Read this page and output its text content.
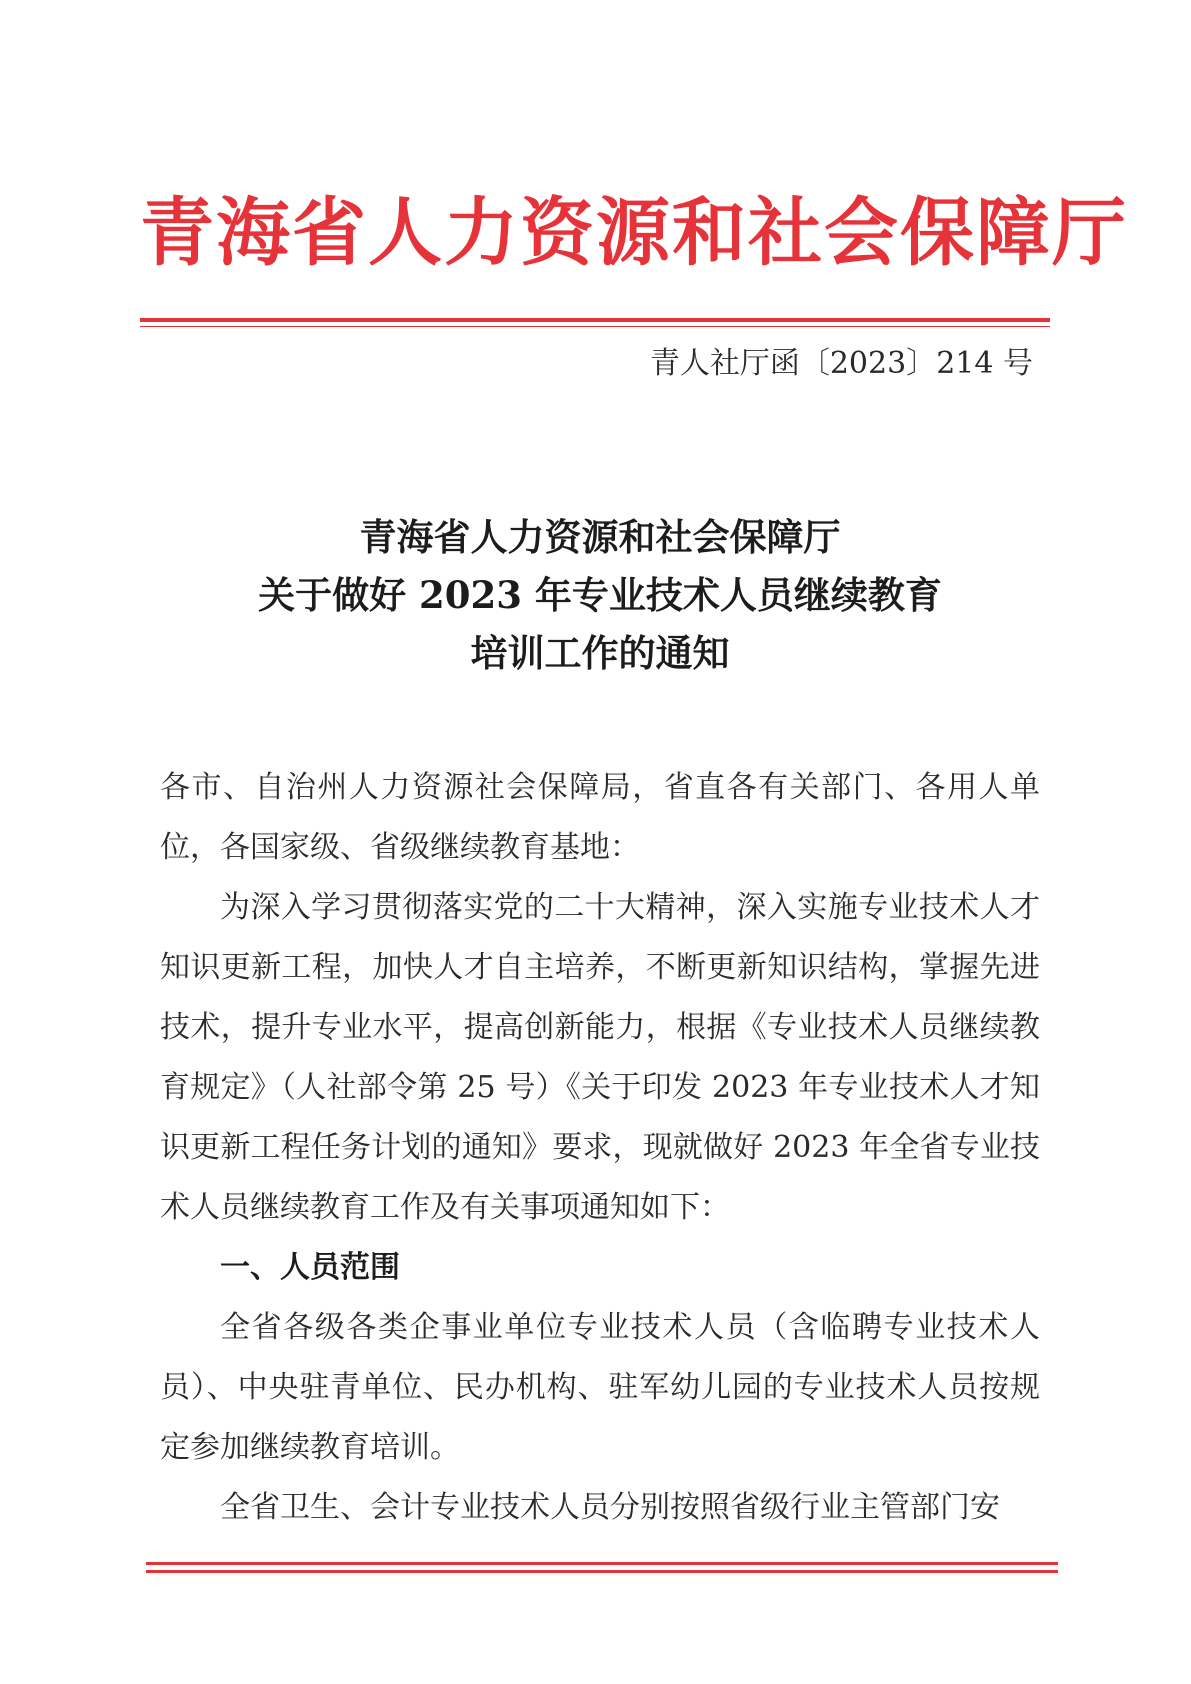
青海省人力资源和社会保障厅
青人社厅函〔2023〕214 号
青海省人力资源和社会保障厅
关于做好 2023 年专业技术人员继续教育
培训工作的通知
各市、自治州人力资源社会保障局，省直各有关部门、各用人单位，各国家级、省级继续教育基地：
为深入学习贯彻落实党的二十大精神，深入实施专业技术人才知识更新工程，加快人才自主培养，不断更新知识结构，掌握先进技术，提升专业水平，提高创新能力，根据《专业技术人员继续教育规定》（人社部令第 25 号）《关于印发 2023 年专业技术人才知识更新工程任务计划的通知》要求，现就做好 2023 年全省专业技术人员继续教育工作及有关事项通知如下：
一、人员范围
全省各级各类企事业单位专业技术人员（含临聘专业技术人员）、中央驻青单位、民办机构、驻军幼儿园的专业技术人员按规定参加继续教育培训。
全省卫生、会计专业技术人员分别按照省级行业主管部门安
